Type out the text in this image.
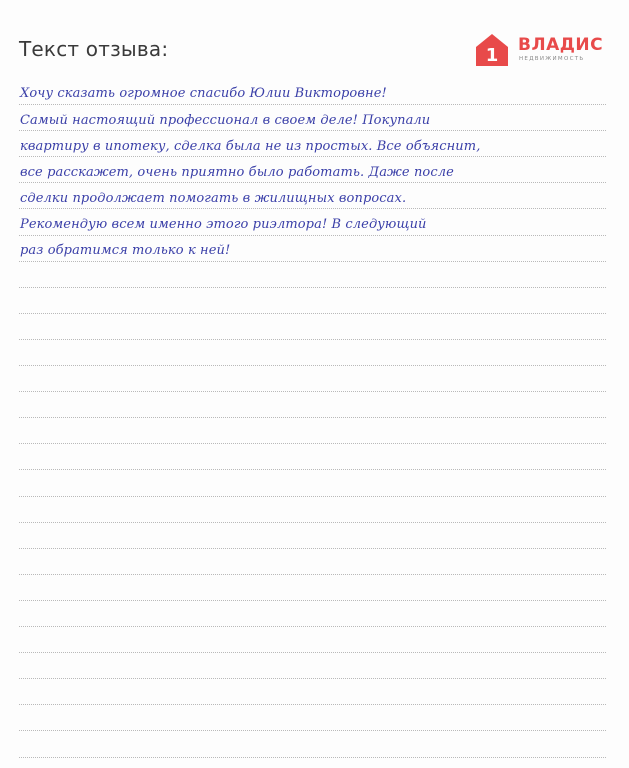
Текст отзыва:	1 ВЛАДИС
НЕДВИЖИМОСТЬ
Хочу сказать огромное спасибо Юлии Викторовне!
Самый настоящий профессионал в своем деле! Покупали
квартиру в ипотеку, сделка была не из простых. Все объяснит,
все расскажет, очень приятно было работать. Даже после
сделки продолжает помогать в жилищных вопросах.
Рекомендую всем именно этого риэлтора! В следующий
раз обратимся только к ней!
